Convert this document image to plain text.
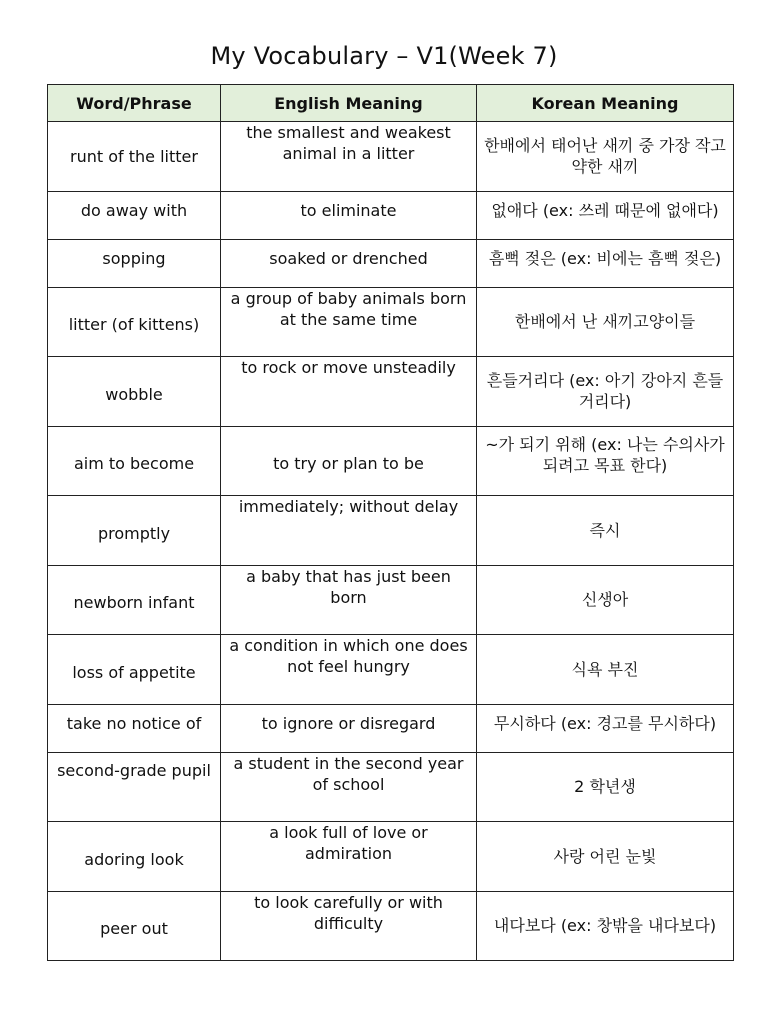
My Vocabulary – V1(Week 7)
Word/Phrase	English Meaning	Korean Meaning
runt of the litter	the smallest and weakest animal in a litter	한배에서 태어난 새끼 중 가장 작고 약한 새끼
do away with	to eliminate	없애다 (ex: 쓰레 때문에 없애다)
sopping	soaked or drenched	흠뻑 젖은 (ex: 비에는 흠뻑 젖은)
litter (of kittens)	a group of baby animals born at the same time	한배에서 난 새끼고양이들
wobble	to rock or move unsteadily	흔들거리다 (ex: 아기 강아지 흔들거리다)
aim to become	to try or plan to be	~가 되기 위해 (ex: 나는 수의사가 되려고 목표 한다)
promptly	immediately; without delay	즉시
newborn infant	a baby that has just been born	신생아
loss of appetite	a condition in which one does not feel hungry	식욕 부진
take no notice of	to ignore or disregard	무시하다 (ex: 경고를 무시하다)
second-grade pupil	a student in the second year of school	2 학년생
adoring look	a look full of love or admiration	사랑 어린 눈빛
peer out	to look carefully or with difficulty	내다보다 (ex: 창밖을 내다보다)
